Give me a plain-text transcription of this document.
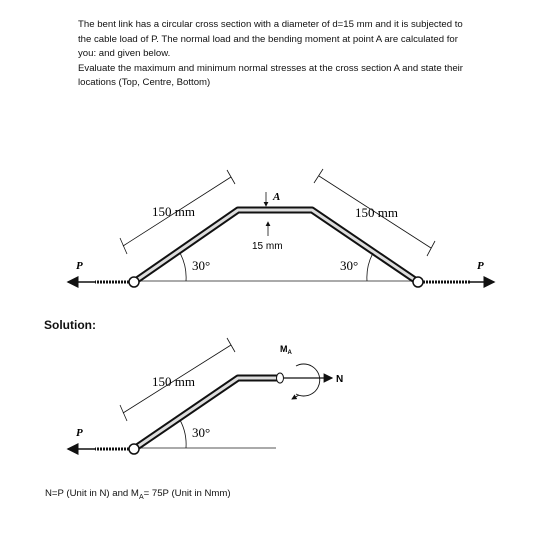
The bent link has a circular cross section with a diameter of d=15 mm and it is subjected to

the cable load of P. The normal load and the bending moment at point A are calculated for

you: and given below.

Evaluate the maximum and minimum normal stresses at the cross section A and state their

locations (Top, Centre, Bottom)

P	P
150 mm	150 mm
A
15 mm
30°	30°
P
150 mm
30°
N
$M_A$
Solution:
N=P (Unit in N) and $M_A= 75P$ (Unit in Nmm)
